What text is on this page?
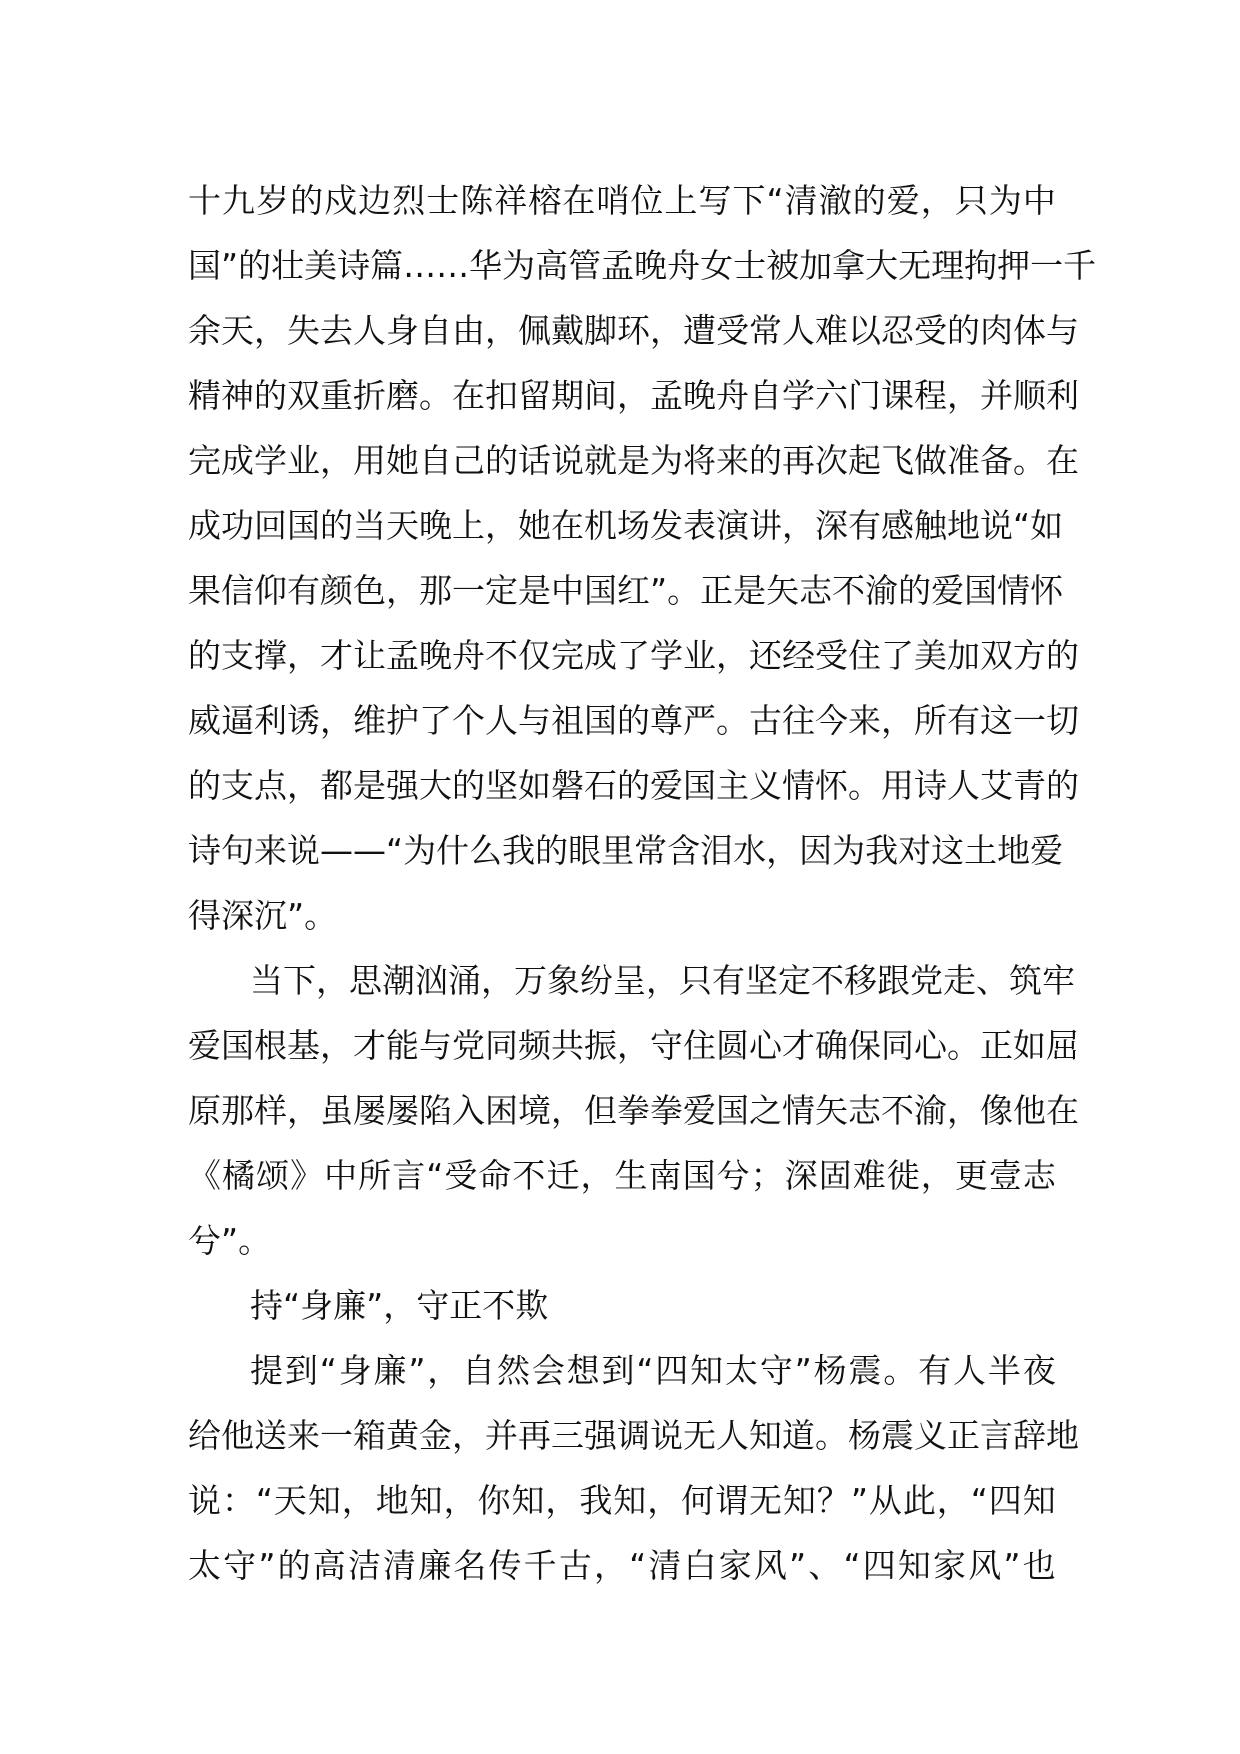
十 九 岁 的 戍 边 烈 士 陈 祥 榕 在 哨 位 上 写 下 “ 清 澈 的 爱 ， 只 为 中
国 ” 的 壮 美 诗 篇 … … 华 为 高 管 孟 晚 舟 女 士 被 加 拿 大 无 理 拘 押 一 千
余 天 ， 失 去 人 身 自 由 ， 佩 戴 脚 环 ， 遭 受 常 人 难 以 忍 受 的 肉 体 与
精 神 的 双 重 折 磨 。 在 扣 留 期 间 ， 孟 晚 舟 自 学 六 门 课 程 ， 并 顺 利
完 成 学 业 ， 用 她 自 己 的 话 说 就 是 为 将 来 的 再 次 起 飞 做 准 备 。 在
成 功 回 国 的 当 天 晚 上 ， 她 在 机 场 发 表 演 讲 ， 深 有 感 触 地 说 “ 如
果 信 仰 有 颜 色 ， 那 一 定 是 中 国 红 ” 。 正 是 矢 志 不 渝 的 爱 国 情 怀
的 支 撑 ， 才 让 孟 晚 舟 不 仅 完 成 了 学 业 ， 还 经 受 住 了 美 加 双 方 的
威 逼 利 诱 ， 维 护 了 个 人 与 祖 国 的 尊 严 。 古 往 今 来 ， 所 有 这 一 切
的 支 点 ， 都 是 强 大 的 坚 如 磐 石 的 爱 国 主 义 情 怀 。 用 诗 人 艾 青 的
诗 句 来 说 — — “ 为 什 么 我 的 眼 里 常 含 泪 水 ， 因 为 我 对 这 土 地 爱
得深沉”。
当 下 ， 思 潮 汹 涌 ， 万 象 纷 呈 ， 只 有 坚 定 不 移 跟 党 走 、 筑 牢
爱 国 根 基 ， 才 能 与 党 同 频 共 振 ， 守 住 圆 心 才 确 保 同 心 。 正 如 屈
原 那 样 ， 虽 屡 屡 陷 入 困 境 ， 但 拳 拳 爱 国 之 情 矢 志 不 渝 ， 像 他 在
《 橘 颂 》 中 所 言 “ 受 命 不 迁 ， 生 南 国 兮 ； 深 固 难 徙 ， 更 壹 志
兮”。
持“身廉”，守正不欺
提 到 “ 身 廉 ” ， 自 然 会 想 到 “ 四 知 太 守 ” 杨 震 。 有 人 半 夜
给 他 送 来 一 箱 黄 金 ， 并 再 三 强 调 说 无 人 知 道 。 杨 震 义 正 言 辞 地
说 ： “ 天 知 ， 地 知 ， 你 知 ， 我 知 ， 何 谓 无 知 ？ ” 从 此 ， “ 四 知
太 守 ” 的 高 洁 清 廉 名 传 千 古 ， “ 清 白 家 风 ” 、 “ 四 知 家 风 ” 也
